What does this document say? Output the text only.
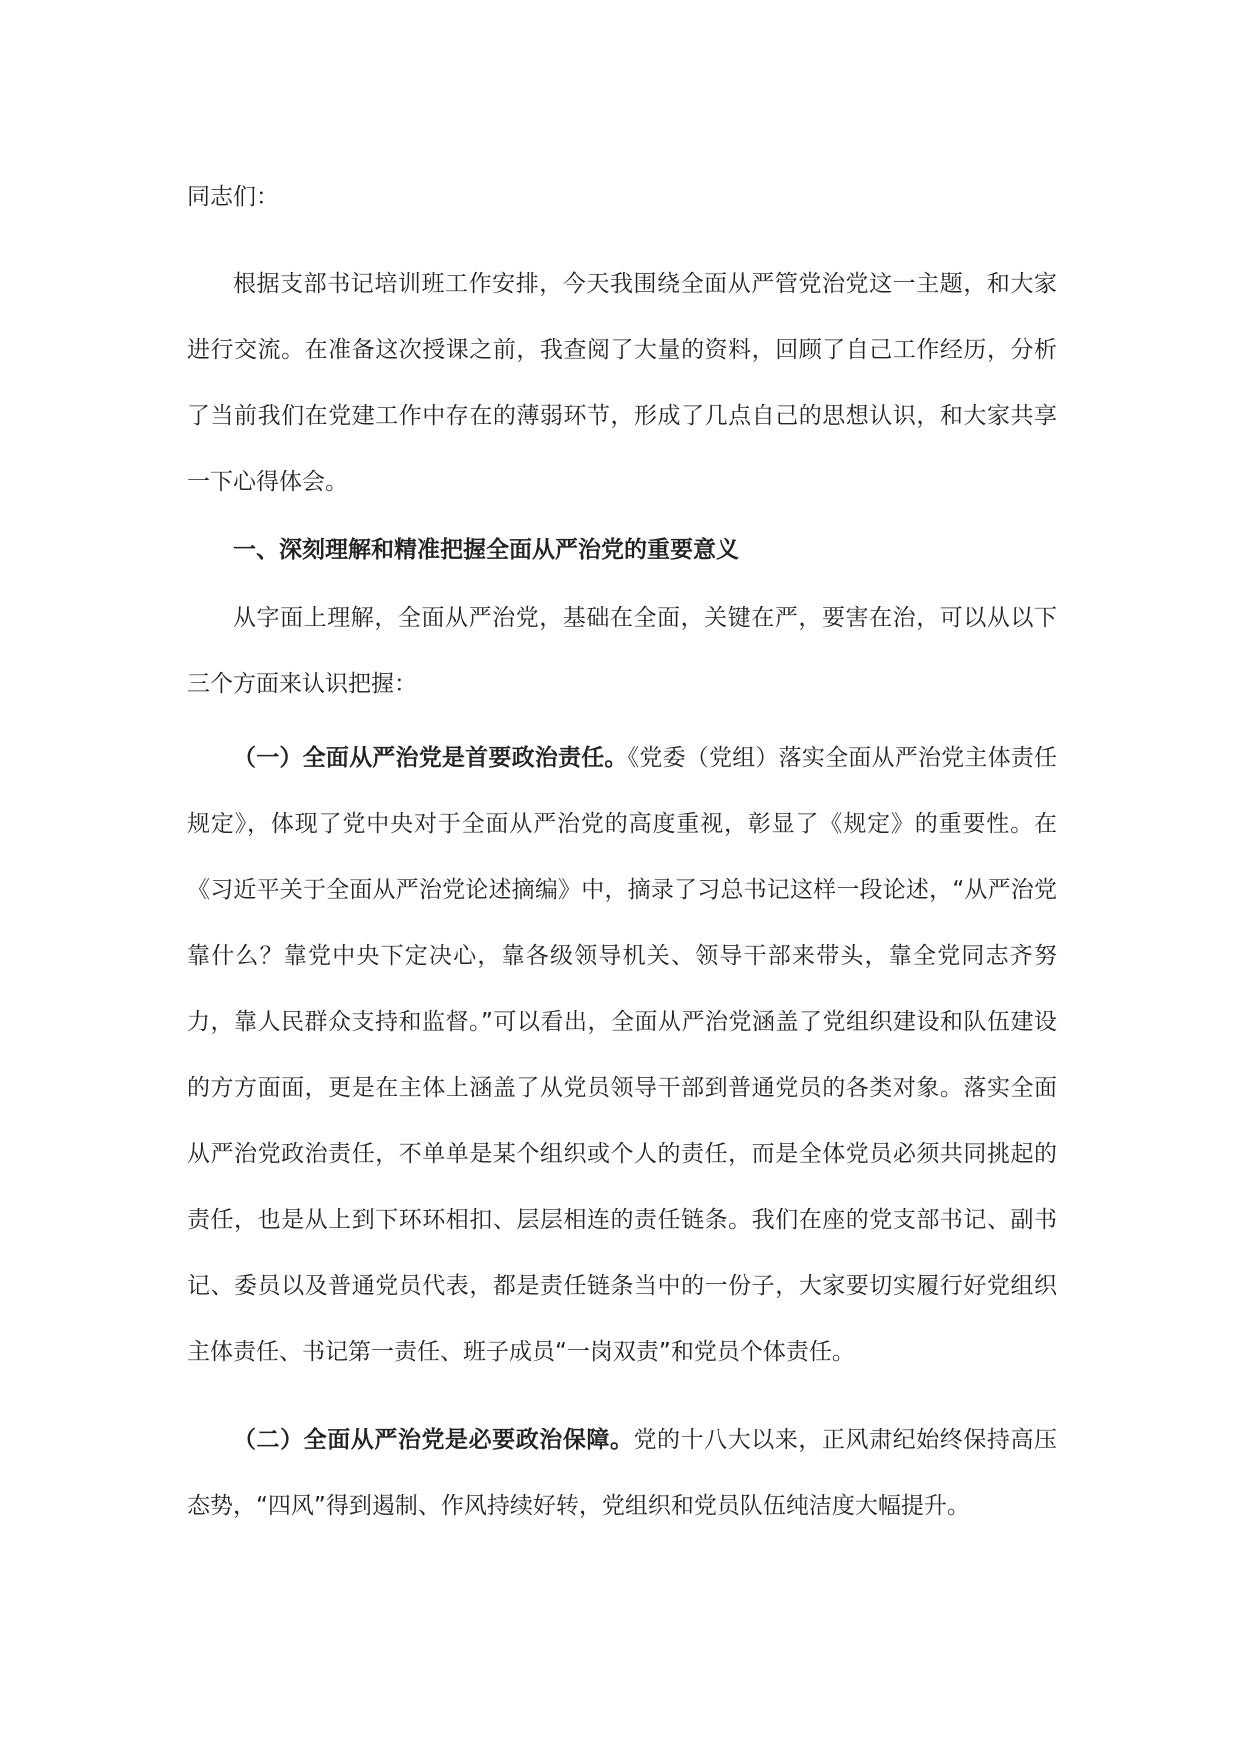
同志们：

根据支部书记培训班工作安排，今天我围绕全面从严管党治党这一主题，和大家进行交流。在准备这次授课之前，我查阅了大量的资料，回顾了自己工作经历，分析了当前我们在党建工作中存在的薄弱环节，形成了几点自己的思想认识，和大家共享一下心得体会。

一、深刻理解和精准把握全面从严治党的重要意义

从字面上理解，全面从严治党，基础在全面，关键在严，要害在治，可以从以下三个方面来认识把握：

（一）全面从严治党是首要政治责任。《党委（党组）落实全面从严治党主体责任规定》，体现了党中央对于全面从严治党的高度重视，彰显了《规定》的重要性。在《习近平关于全面从严治党论述摘编》中，摘录了习总书记这样一段论述，“从严治党靠什么？靠党中央下定决心，靠各级领导机关、领导干部来带头，靠全党同志齐努力，靠人民群众支持和监督。”可以看出，全面从严治党涵盖了党组织建设和队伍建设的方方面面，更是在主体上涵盖了从党员领导干部到普通党员的各类对象。落实全面从严治党政治责任，不单单是某个组织或个人的责任，而是全体党员必须共同挑起的责任，也是从上到下环环相扣、层层相连的责任链条。我们在座的党支部书记、副书记、委员以及普通党员代表，都是责任链条当中的一份子，大家要切实履行好党组织主体责任、书记第一责任、班子成员“一岗双责”和党员个体责任。

（二）全面从严治党是必要政治保障。党的十八大以来，正风肃纪始终保持高压态势，“四风”得到遏制、作风持续好转，党组织和党员队伍纯洁度大幅提升。
